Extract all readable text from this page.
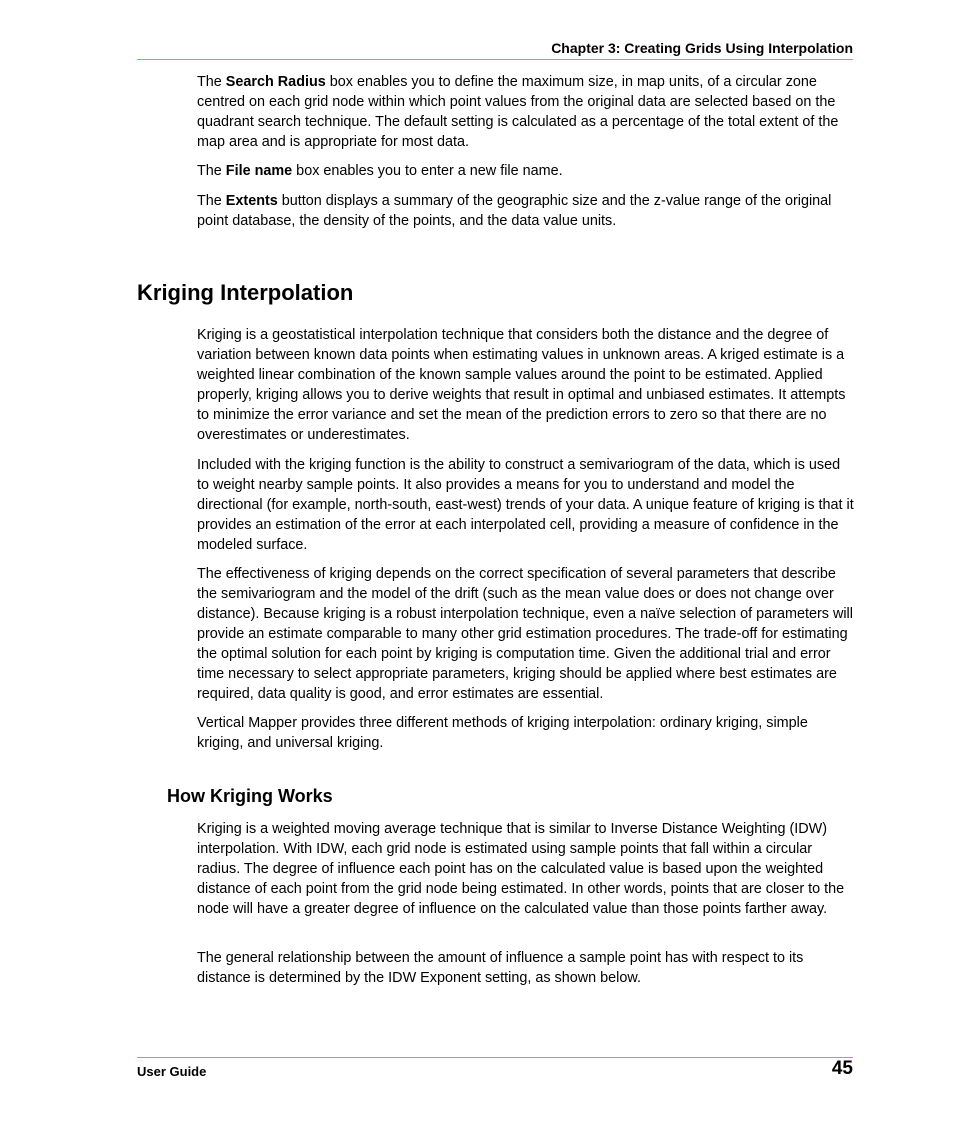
Chapter 3: Creating Grids Using Interpolation

The Search Radius box enables you to define the maximum size, in map units, of a circular zone centred on each grid node within which point values from the original data are selected based on the quadrant search technique. The default setting is calculated as a percentage of the total extent of the map area and is appropriate for most data.

The File name box enables you to enter a new file name.

The Extents button displays a summary of the geographic size and the z-value range of the original point database, the density of the points, and the data value units.

Kriging Interpolation

Kriging is a geostatistical interpolation technique that considers both the distance and the degree of variation between known data points when estimating values in unknown areas. A kriged estimate is a weighted linear combination of the known sample values around the point to be estimated. Applied properly, kriging allows you to derive weights that result in optimal and unbiased estimates. It attempts to minimize the error variance and set the mean of the prediction errors to zero so that there are no overestimates or underestimates.

Included with the kriging function is the ability to construct a semivariogram of the data, which is used to weight nearby sample points. It also provides a means for you to understand and model the directional (for example, north-south, east-west) trends of your data. A unique feature of kriging is that it provides an estimation of the error at each interpolated cell, providing a measure of confidence in the modeled surface.

The effectiveness of kriging depends on the correct specification of several parameters that describe the semivariogram and the model of the drift (such as the mean value does or does not change over distance). Because kriging is a robust interpolation technique, even a naïve selection of parameters will provide an estimate comparable to many other grid estimation procedures. The trade-off for estimating the optimal solution for each point by kriging is computation time. Given the additional trial and error time necessary to select appropriate parameters, kriging should be applied where best estimates are required, data quality is good, and error estimates are essential.

Vertical Mapper provides three different methods of kriging interpolation: ordinary kriging, simple kriging, and universal kriging.

How Kriging Works

Kriging is a weighted moving average technique that is similar to Inverse Distance Weighting (IDW) interpolation. With IDW, each grid node is estimated using sample points that fall within a circular radius. The degree of influence each point has on the calculated value is based upon the weighted distance of each point from the grid node being estimated. In other words, points that are closer to the node will have a greater degree of influence on the calculated value than those points farther away.

The general relationship between the amount of influence a sample point has with respect to its distance is determined by the IDW Exponent setting, as shown below.

User Guide	45
